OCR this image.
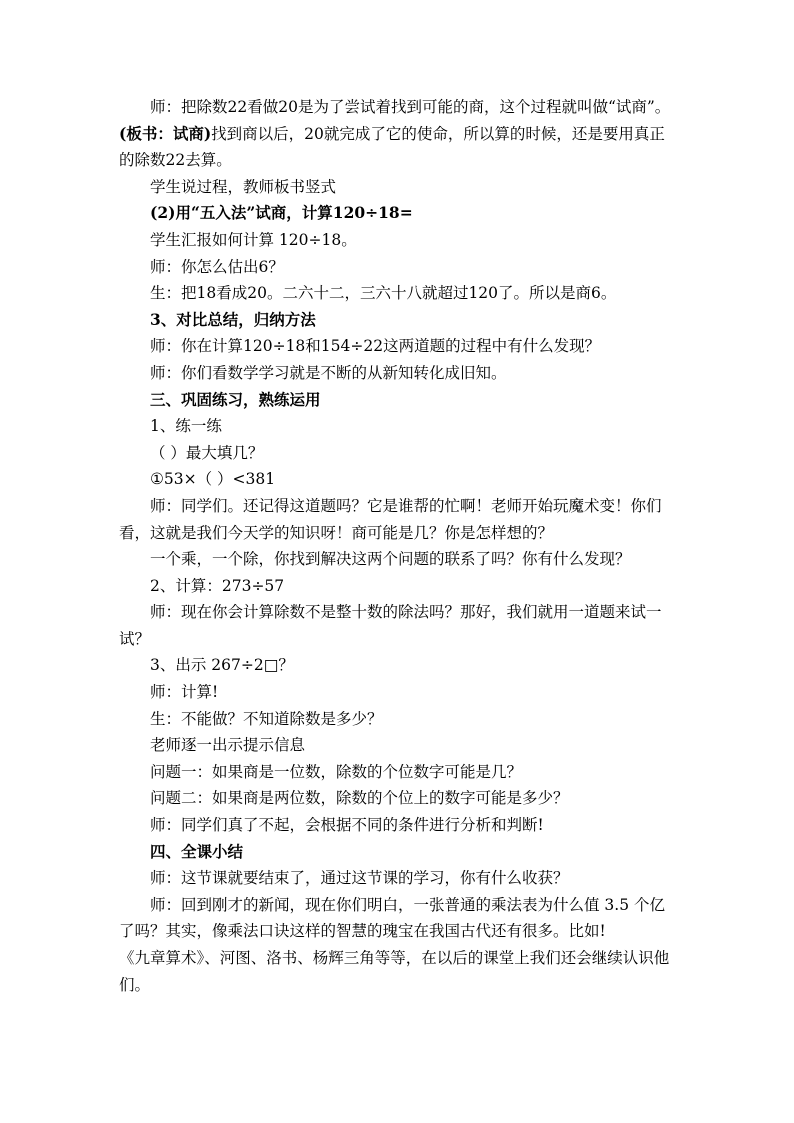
师：把除数22看做20是为了尝试着找到可能的商，这个过程就叫做“试商”。(板书：试商)找到商以后，20就完成了它的使命，所以算的时候，还是要用真正的除数22去算。

学生说过程，教师板书竖式

(2)用“五入法”试商，计算120÷18=

学生汇报如何计算 120÷18。

师：你怎么估出6？

生：把18看成20。二六十二，三六十八就超过120了。所以是商6。

3、对比总结，归纳方法

师：你在计算120÷18和154÷22这两道题的过程中有什么发现？

师：你们看数学学习就是不断的从新知转化成旧知。

三、巩固练习，熟练运用

1、练一练

（ ）最大填几？

①53×（ ）<381

师：同学们。还记得这道题吗？它是谁帮的忙啊！老师开始玩魔术变！你们看，这就是我们今天学的知识呀！商可能是几？你是怎样想的？

一个乘，一个除，你找到解决这两个问题的联系了吗？你有什么发现？

2、计算：273÷57

师：现在你会计算除数不是整十数的除法吗？那好，我们就用一道题来试一试？

3、出示 267÷2□？

师：计算!

生：不能做？不知道除数是多少？

老师逐一出示提示信息

问题一：如果商是一位数，除数的个位数字可能是几？

问题二：如果商是两位数，除数的个位上的数字可能是多少？

师：同学们真了不起，会根据不同的条件进行分析和判断!

四、全课小结

师：这节课就要结束了，通过这节课的学习，你有什么收获？

师：回到刚才的新闻，现在你们明白，一张普通的乘法表为什么值 3.5 个亿了吗？其实，像乘法口诀这样的智慧的瑰宝在我国古代还有很多。比如!

《九章算术》、河图、洛书、杨辉三角等等，在以后的课堂上我们还会继续认识他们。
